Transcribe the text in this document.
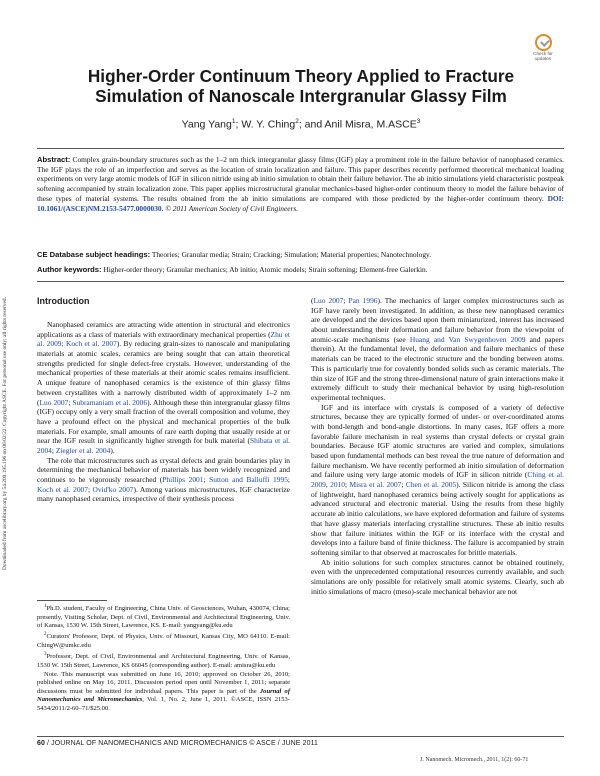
Downloaded from ascelibrary.org by 54.209.195.196 on 06/02/22. Copyright ASCE. For personal use only; all rights reserved.
Check for
updates
Higher-Order Continuum Theory Applied to Fracture
Simulation of Nanoscale Intergranular Glassy Film
Yang Yang$^1$; W. Y. Ching$^2$; and Anil Misra, M.ASCE$^3$
Abstract: Complex grain-boundary structures such as the 1–2 nm thick intergranular glassy films (IGF) play a prominent role in the failure behavior of nanophased ceramics. The IGF plays the role of an imperfection and serves as the location of strain localization and failure. This paper describes recently performed theoretical mechanical loading experiments on very large atomic models of IGF in silicon nitride using ab initio simulation to obtain their failure behavior. The ab initio simulations yield characteristic postpeak softening accompanied by strain localization zone. This paper applies microstructural granular mechanics-based higher-order continuum theory to model the failure behavior of these types of material systems. The results obtained from the ab initio simulations are compared with those predicted by the higher-order continuum theory. DOI: 10.1061/(ASCE)NM.2153-5477.0000030. © 2011 American Society of Civil Engineers.
CE Database subject headings: Theories; Granular media; Strain; Cracking; Simulation; Material properties; Nanotechnology.
Author keywords: Higher-order theory; Granular mechanics; Ab initio; Atomic models; Strain softening; Element-free Galerkin.
Introduction

Nanophased ceramics are attracting wide attention in structural and electronics applications as a class of materials with extraordinary mechanical properties (Zhu et al. 2009; Koch et al. 2007). By reducing grain-sizes to nanoscale and manipulating materials at atomic scales, ceramics are being sought that can attain theoretical strengths predicted for single defect-free crystals. However, understanding of the mechanical properties of these materials at their atomic scales remains insufficient. A unique feature of nanophased ceramics is the existence of thin glassy films between crystallites with a narrowly distributed width of approximately 1–2 nm (Luo 2007; Subramaniam et al. 2006). Although these thin intergranular glassy films (IGF) occupy only a very small fraction of the overall composition and volume, they have a profound effect on the physical and mechanical properties of the bulk materials. For example, small amounts of rare earth doping that usually reside at or near the IGF result in significantly higher strength for bulk material (Shibata et al. 2004; Ziegler et al. 2004).

The role that microstructures such as crystal defects and grain boundaries play in determining the mechanical behavior of materials has been widely recognized and continues to be vigorously researched (Phillips 2001; Sutton and Balluffi 1995; Koch et al. 2007; Ovid'ko 2007). Among various microstructures, IGF characterize many nanophased ceramics, irrespective of their synthesis process

$^1$Ph.D. student, Faculty of Engineering, China Univ. of Geosciences, Wuhan, 430074, China; presently, Visiting Scholar, Dept. of Civil, Environmental and Architectural Engineering, Univ. of Kansas, 1530 W. 15th Street, Lawrence, KS. E-mail: yangyang@ku.edu

$^2$Curators' Professor, Dept. of Physics, Univ. of Missouri, Kansas City, MO 64110. E-mail: ChingW@umkc.edu

$^3$Professor, Dept. of Civil, Environmental and Architectural Engineering, Univ. of Kansas, 1530 W. 15th Street, Lawrence, KS 66045 (corresponding author). E-mail: amisra@ku.edu

Note. This manuscript was submitted on June 16, 2010; approved on October 26, 2010; published online on May 16, 2011. Discussion period open until November 1, 2011; separate discussions must be submitted for individual papers. This paper is part of the Journal of Nanomechanics and Micromechanics, Vol. 1, No. 2, June 1, 2011. ©ASCE, ISSN 2153-5434/2011/2-60–71/$25.00.

(Luo 2007; Pan 1996). The mechanics of larger complex microstructures such as IGF have rarely been investigated. In addition, as these new nanophased ceramics are developed and the devices based upon them miniaturized, interest has increased about understanding their deformation and failure behavior from the viewpoint of atomic-scale mechanisms (see Huang and Van Swygenhoven 2009 and papers therein). At the fundamental level, the deformation and failure mechanics of these materials can be traced to the electronic structure and the bonding between atoms. This is particularly true for covalently bonded solids such as ceramic materials. The thin size of IGF and the strong three-dimensional nature of grain interactions make it extremely difficult to study their mechanical behavior by using high-resolution experimental techniques.

IGF and its interface with crystals is composed of a variety of defective structures, because they are typically formed of under- or over-coordinated atoms with bond-length and bond-angle distortions. In many cases, IGF offers a more favorable failure mechanism in real systems than crystal defects or crystal grain boundaries. Because IGF atomic structures are varied and complex, simulations based upon fundamental methods can best reveal the true nature of deformation and failure mechanism. We have recently performed ab initio simulation of deformation and failure using very large atomic models of IGF in silicon nitride (Ching et al. 2009, 2010; Misra et al. 2007; Chen et al. 2005). Silicon nitride is among the class of lightweight, hard nanophased ceramics being actively sought for applications as advanced structural and electronic material. Using the results from these highly accurate ab initio calculations, we have explored deformation and failure of systems that have glassy materials interfacing crystalline structures. These ab initio results show that failure initiates within the IGF or its interface with the crystal and develops into a failure band of finite thickness. The failure is accompanied by strain softening similar to that observed at macroscales for brittle materials.

Ab initio solutions for such complex structures cannot be obtained routinely, even with the unprecedented computational resources currently available, and such simulations are only possible for relatively small atomic systems. Clearly, such ab initio simulations of macro (meso)-scale mechanical behavior are not

60 / JOURNAL OF NANOMECHANICS AND MICROMECHANICS © ASCE / JUNE 2011
J. Nanomech. Micromech., 2011, 1(2): 60-71
